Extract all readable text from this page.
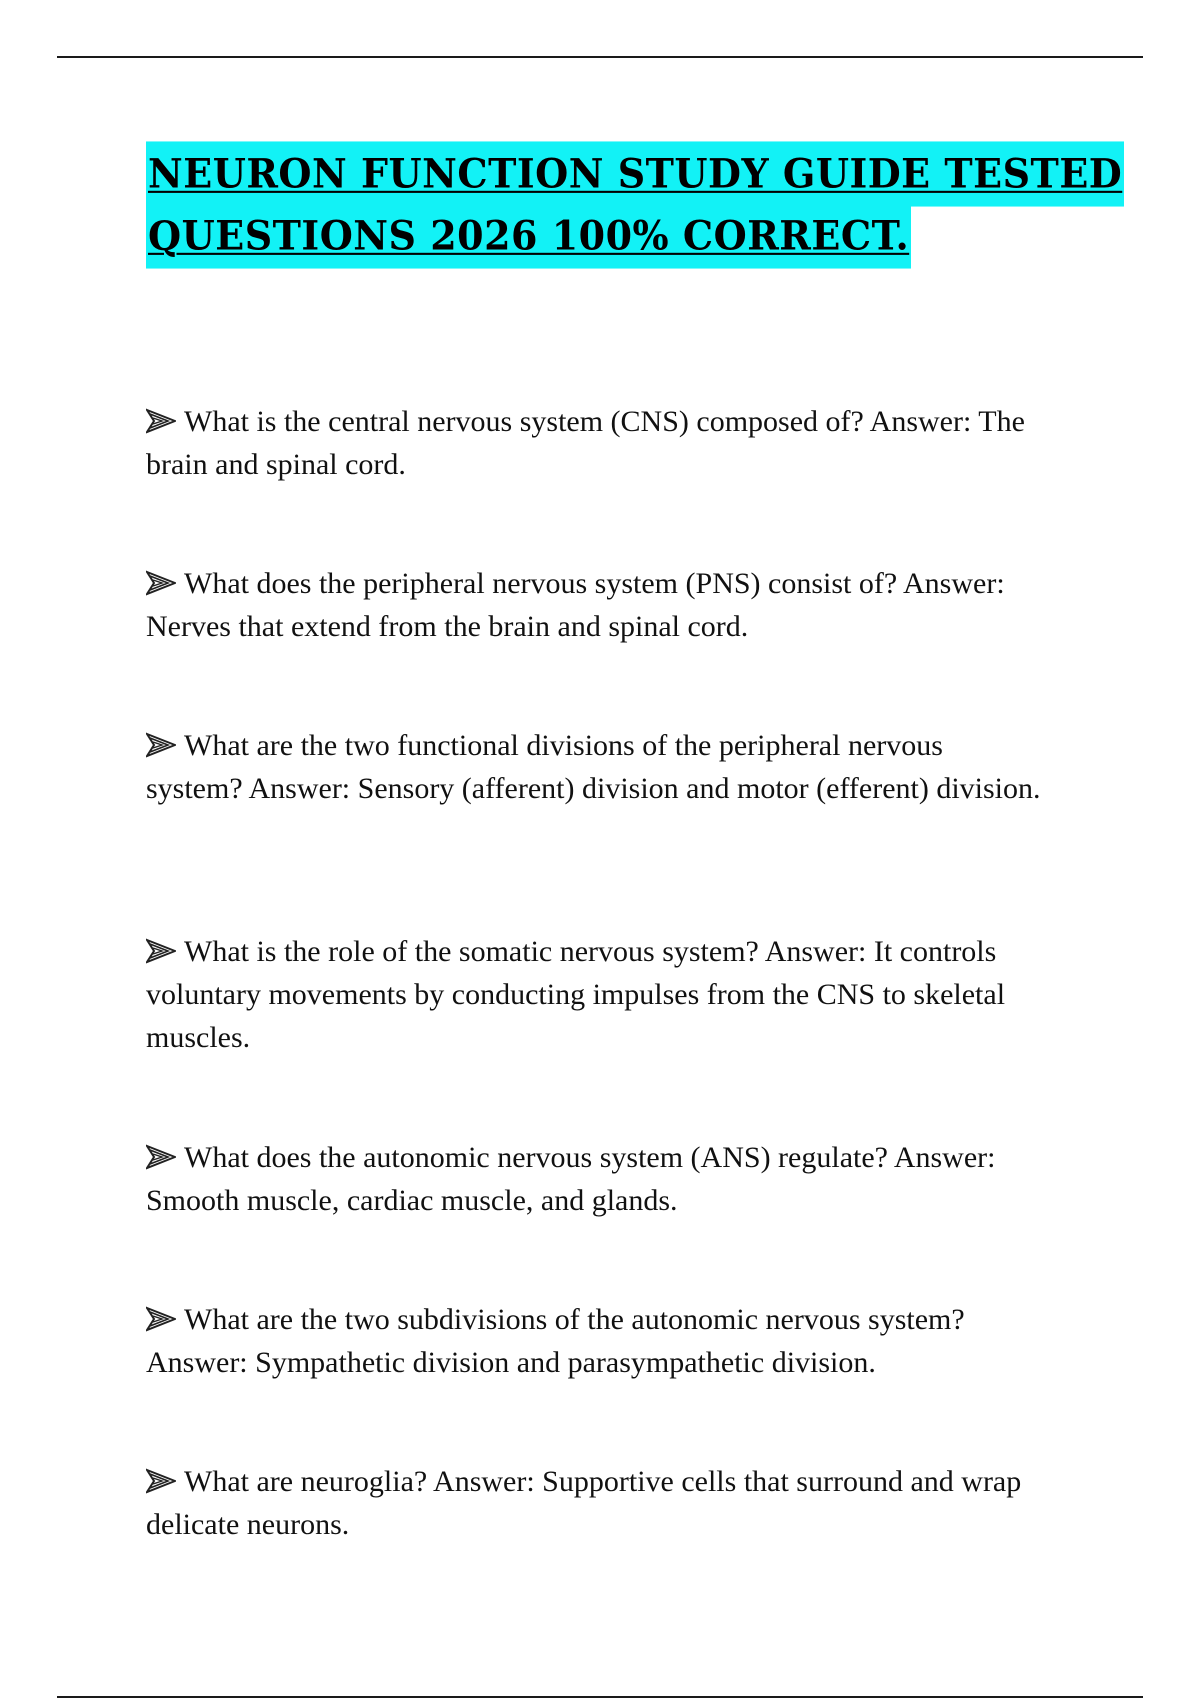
NEURON FUNCTION STUDY GUIDE TESTED
QUESTIONS 2026 100% CORRECT.

What is the central nervous system (CNS) composed of? Answer: The brain and spinal cord.

What does the peripheral nervous system (PNS) consist of? Answer: Nerves that extend from the brain and spinal cord.

What are the two functional divisions of the peripheral nervous system? Answer: Sensory (afferent) division and motor (efferent) division.

What is the role of the somatic nervous system? Answer: It controls voluntary movements by conducting impulses from the CNS to skeletal muscles.

What does the autonomic nervous system (ANS) regulate? Answer: Smooth muscle, cardiac muscle, and glands.

What are the two subdivisions of the autonomic nervous system? Answer: Sympathetic division and parasympathetic division.

What are neuroglia? Answer: Supportive cells that surround and wrap delicate neurons.
